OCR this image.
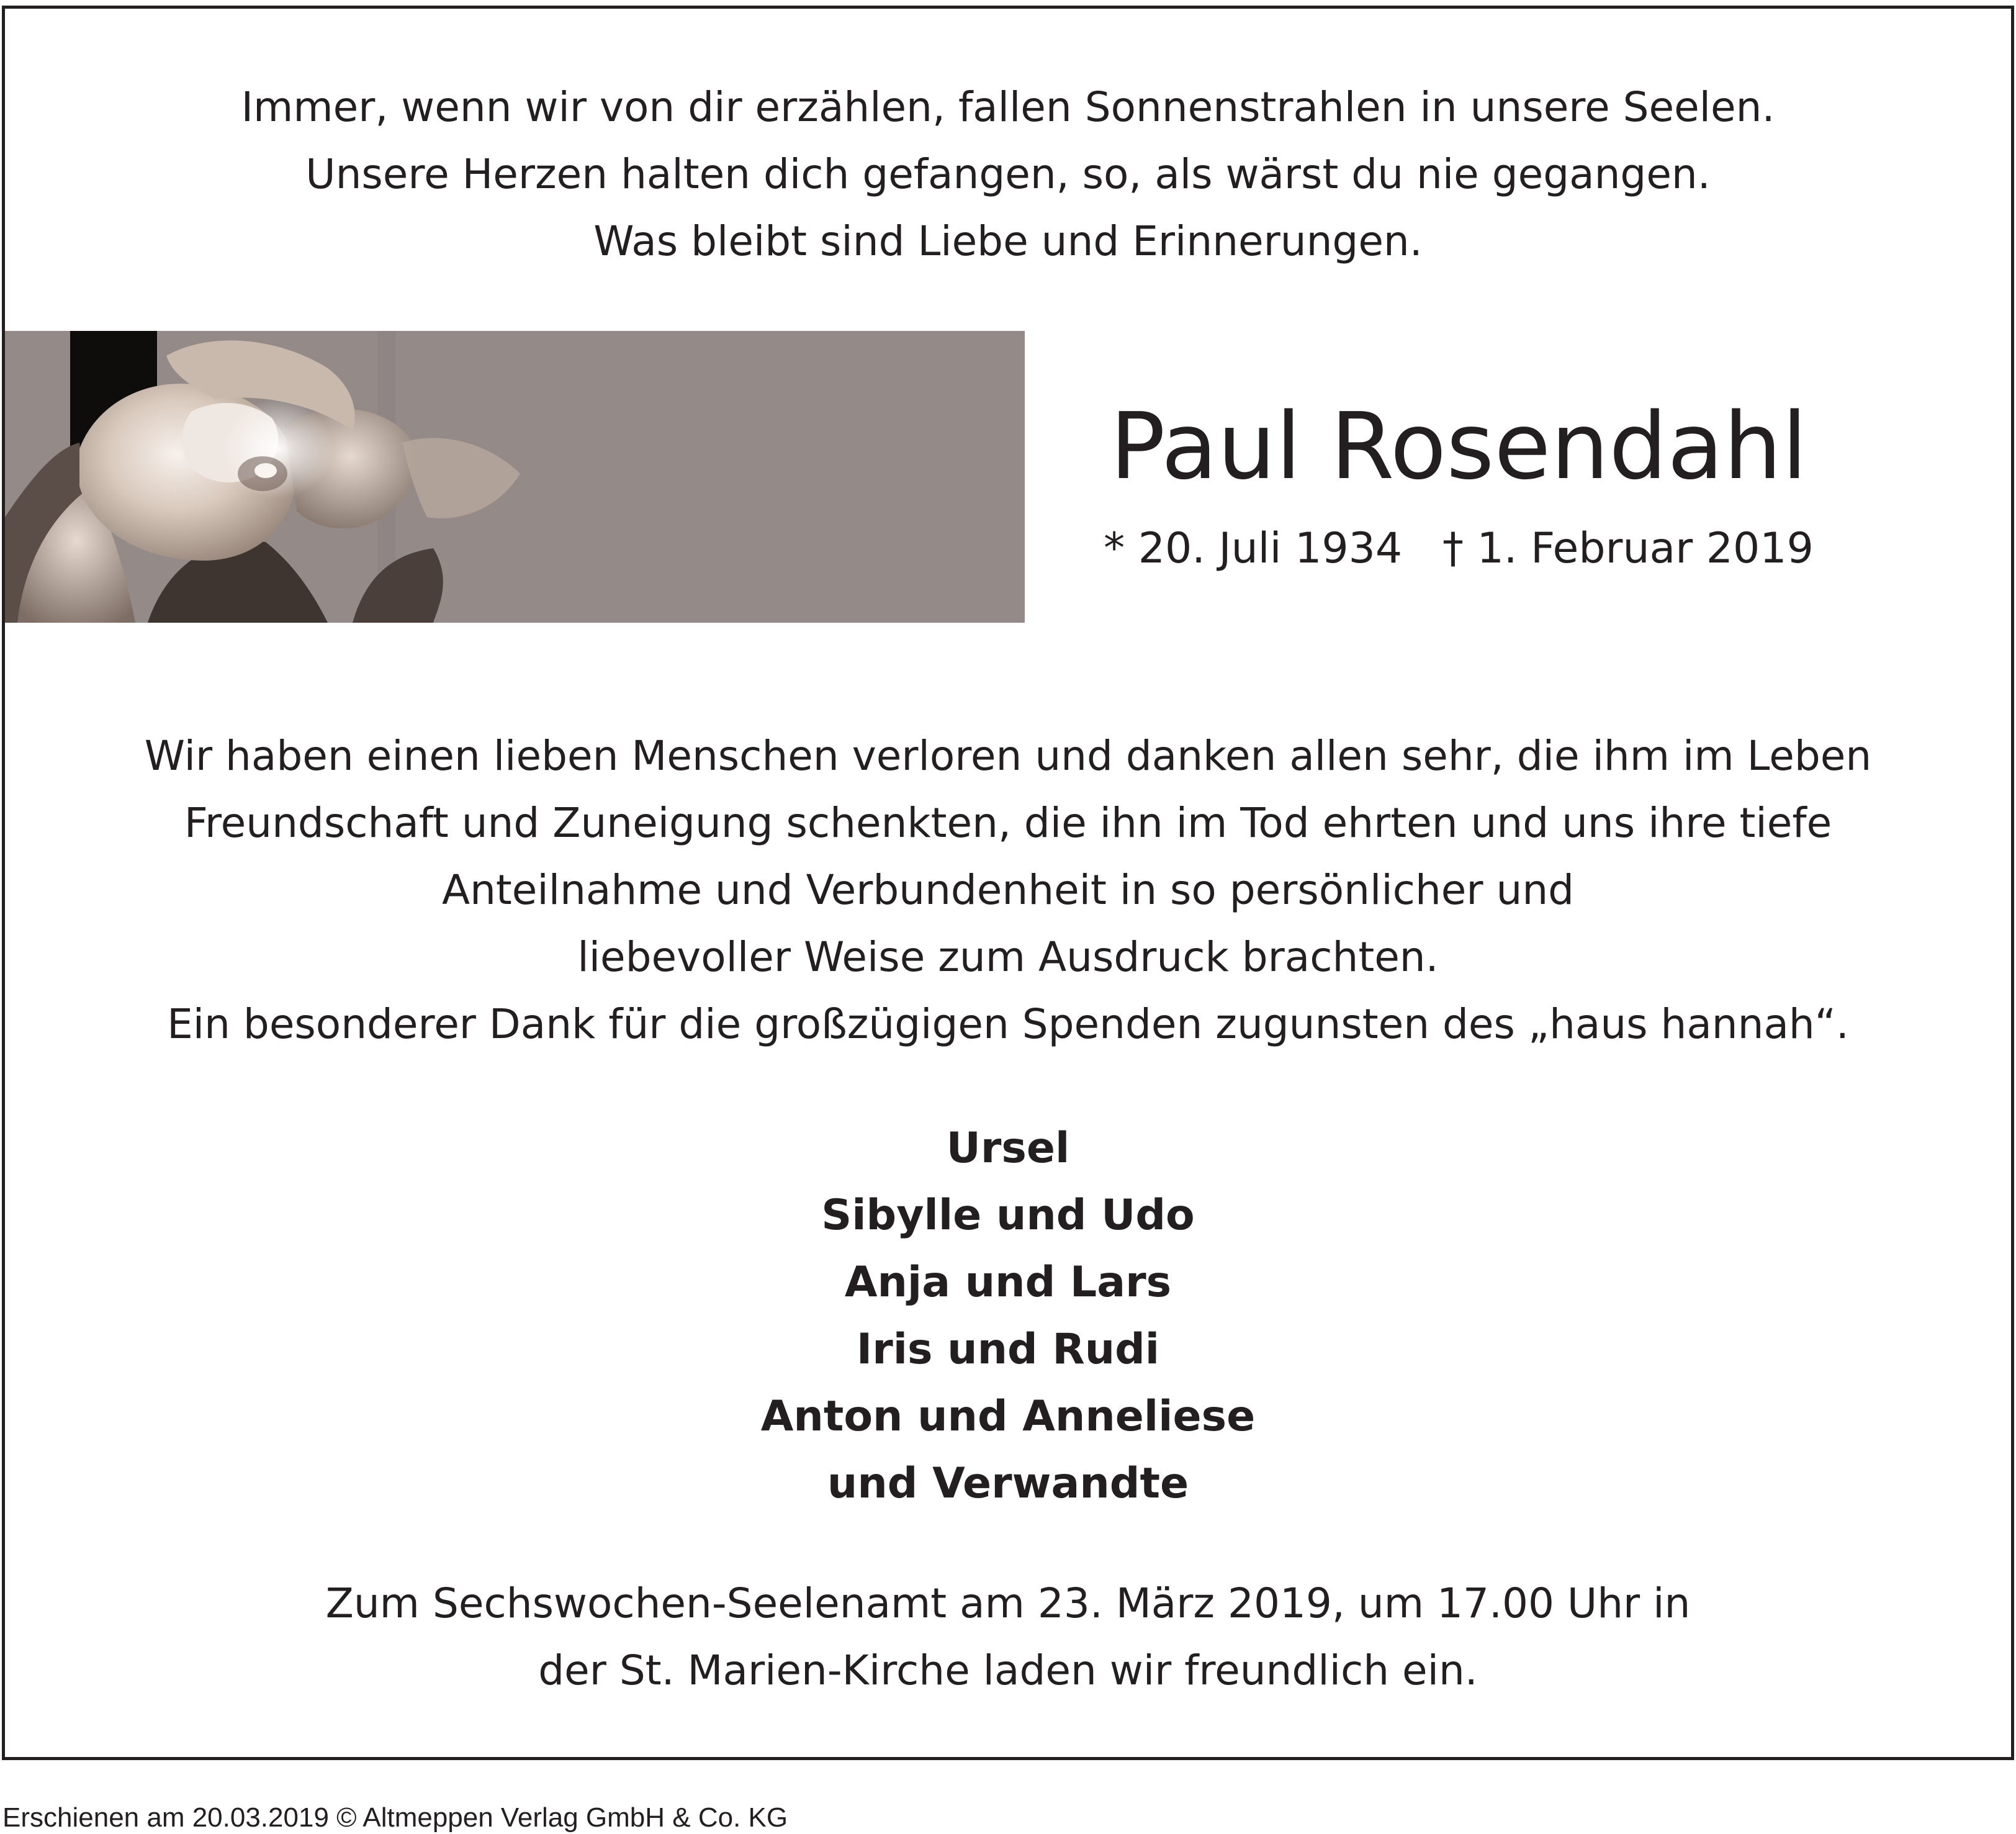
Immer, wenn wir von dir erzählen, fallen Sonnenstrahlen in unsere Seelen.
Unsere Herzen halten dich gefangen, so, als wärst du nie gegangen.
Was bleibt sind Liebe und Erinnerungen.
Paul Rosendahl

* 20. Juli 1934   † 1. Februar 2019

Wir haben einen lieben Menschen verloren und danken allen sehr, die ihm im Leben
Freundschaft und Zuneigung schenkten, die ihn im Tod ehrten und uns ihre tiefe
Anteilnahme und Verbundenheit in so persönlicher und
liebevoller Weise zum Ausdruck brachten.
Ein besonderer Dank für die großzügigen Spenden zugunsten des „haus hannah“.
Ursel
Sibylle und Udo
Anja und Lars
Iris und Rudi
Anton und Anneliese
und Verwandte
Zum Sechswochen-Seelenamt am 23. März 2019, um 17.00 Uhr in
der St. Marien-Kirche laden wir freundlich ein.
Erschienen am 20.03.2019 © Altmeppen Verlag GmbH & Co. KG
